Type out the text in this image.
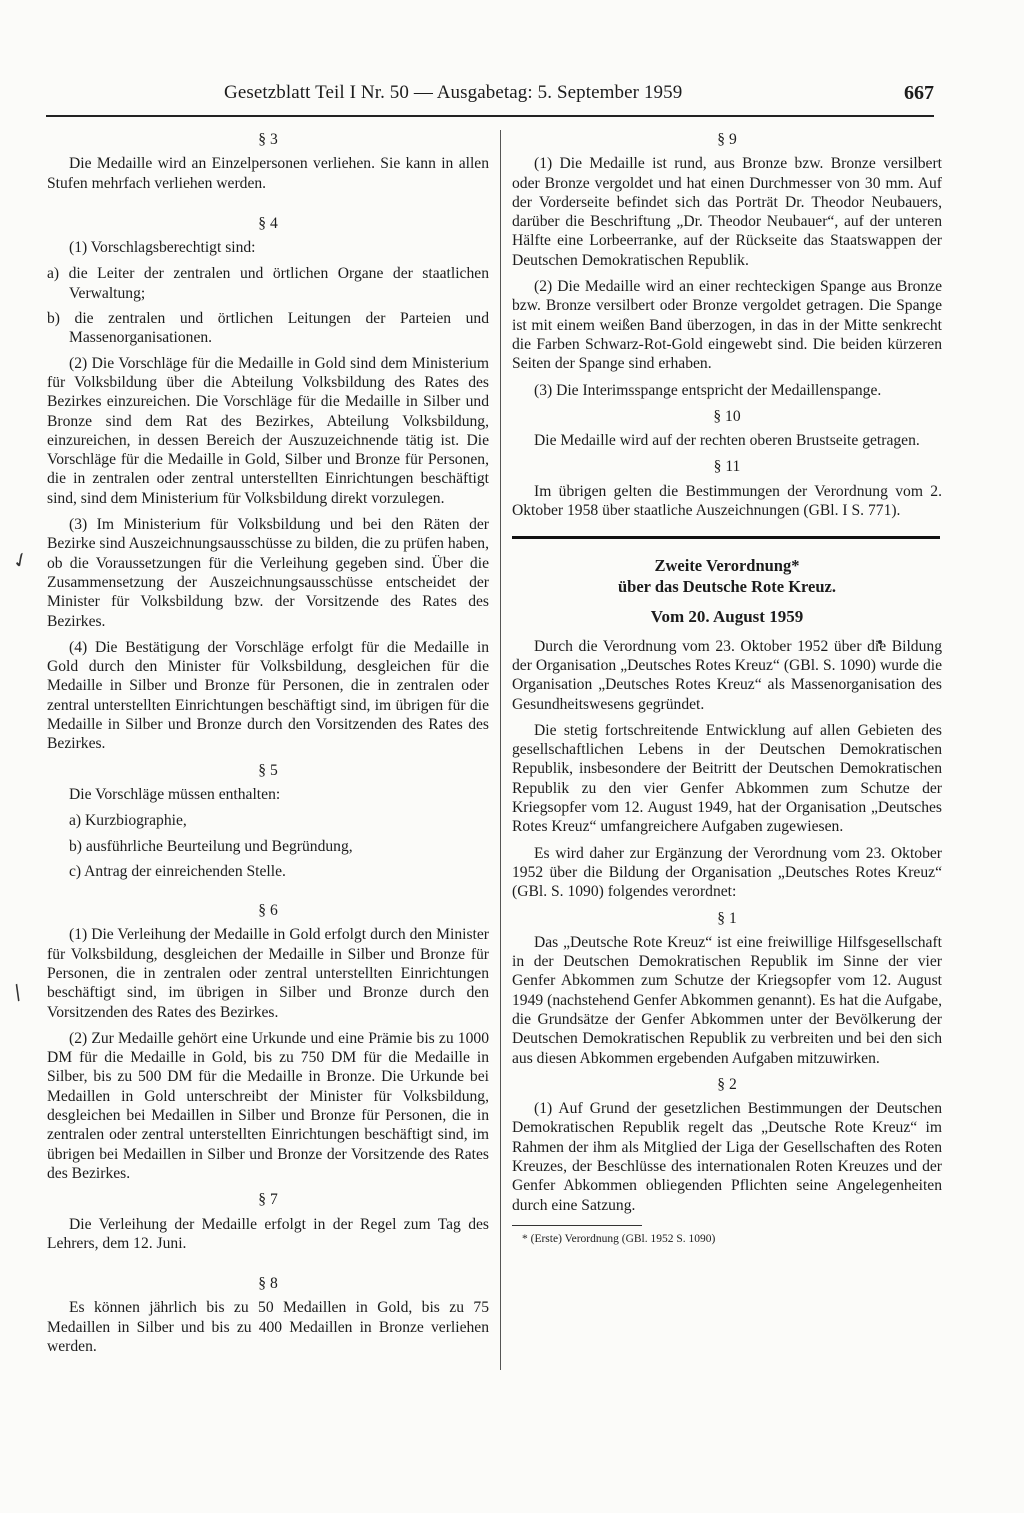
Gesetzblatt Teil I Nr. 50 — Ausgabetag: 5. September 1959	667
✓
/
§ 3

Die Medaille wird an Einzelpersonen verliehen. Sie kann in allen Stufen mehrfach verliehen werden.

§ 4

(1) Vorschlagsberechtigt sind:

a) die Leiter der zentralen und örtlichen Organe der staatlichen Verwaltung;

b) die zentralen und örtlichen Leitungen der Parteien und Massenorganisationen.

(2) Die Vorschläge für die Medaille in Gold sind dem Ministerium für Volksbildung über die Abteilung Volksbildung des Rates des Bezirkes einzureichen. Die Vorschläge für die Medaille in Silber und Bronze sind dem Rat des Bezirkes, Abteilung Volksbildung, einzureichen, in dessen Bereich der Auszuzeichnende tätig ist. Die Vorschläge für die Medaille in Gold, Silber und Bronze für Personen, die in zentralen oder zentral unterstellten Einrichtungen beschäftigt sind, sind dem Ministerium für Volksbildung direkt vorzulegen.

(3) Im Ministerium für Volksbildung und bei den Räten der Bezirke sind Auszeichnungsausschüsse zu bilden, die zu prüfen haben, ob die Voraussetzungen für die Verleihung gegeben sind. Über die Zusammensetzung der Auszeichnungsausschüsse entscheidet der Minister für Volksbildung bzw. der Vorsitzende des Rates des Bezirkes.

(4) Die Bestätigung der Vorschläge erfolgt für die Medaille in Gold durch den Minister für Volksbildung, desgleichen für die Medaille in Silber und Bronze für Personen, die in zentralen oder zentral unterstellten Einrichtungen beschäftigt sind, im übrigen für die Medaille in Silber und Bronze durch den Vorsitzenden des Rates des Bezirkes.

§ 5

Die Vorschläge müssen enthalten:

a) Kurzbiographie,

b) ausführliche Beurteilung und Begründung,

c) Antrag der einreichenden Stelle.

§ 6

(1) Die Verleihung der Medaille in Gold erfolgt durch den Minister für Volksbildung, desgleichen der Medaille in Silber und Bronze für Personen, die in zentralen oder zentral unterstellten Einrichtungen beschäftigt sind, im übrigen in Silber und Bronze durch den Vorsitzenden des Rates des Bezirkes.

(2) Zur Medaille gehört eine Urkunde und eine Prämie bis zu 1000 DM für die Medaille in Gold, bis zu 750 DM für die Medaille in Silber, bis zu 500 DM für die Medaille in Bronze. Die Urkunde bei Medaillen in Gold unterschreibt der Minister für Volksbildung, desgleichen bei Medaillen in Silber und Bronze für Personen, die in zentralen oder zentral unterstellten Einrichtungen beschäftigt sind, im übrigen bei Medaillen in Silber und Bronze der Vorsitzende des Rates des Bezirkes.

§ 7

Die Verleihung der Medaille erfolgt in der Regel zum Tag des Lehrers, dem 12. Juni.

§ 8

Es können jährlich bis zu 50 Medaillen in Gold, bis zu 75 Medaillen in Silber und bis zu 400 Medaillen in Bronze verliehen werden.

§ 9

(1) Die Medaille ist rund, aus Bronze bzw. Bronze versilbert oder Bronze vergoldet und hat einen Durchmesser von 30 mm. Auf der Vorderseite befindet sich das Porträt Dr. Theodor Neubauers, darüber die Beschriftung „Dr. Theodor Neubauer“, auf der unteren Hälfte eine Lorbeerranke, auf der Rückseite das Staatswappen der Deutschen Demokratischen Republik.

(2) Die Medaille wird an einer rechteckigen Spange aus Bronze bzw. Bronze versilbert oder Bronze vergoldet getragen. Die Spange ist mit einem weißen Band überzogen, in das in der Mitte senkrecht die Farben Schwarz-Rot-Gold eingewebt sind. Die beiden kürzeren Seiten der Spange sind erhaben.

(3) Die Interimsspange entspricht der Medaillenspange.

§ 10

Die Medaille wird auf der rechten oberen Brustseite getragen.

§ 11

Im übrigen gelten die Bestimmungen der Verordnung vom 2. Oktober 1958 über staatliche Auszeichnungen (GBl. I S. 771).

Zweite Verordnung*

über das Deutsche Rote Kreuz.

Vom 20. August 1959

Durch die Verordnung vom 23. Oktober 1952 über die Bildung der Organisation „Deutsches Rotes Kreuz“ (GBl. S. 1090) wurde die Organisation „Deutsches Rotes Kreuz“ als Massenorganisation des Gesundheitswesens gegründet.

Die stetig fortschreitende Entwicklung auf allen Gebieten des gesellschaftlichen Lebens in der Deutschen Demokratischen Republik, insbesondere der Beitritt der Deutschen Demokratischen Republik zu den vier Genfer Abkommen zum Schutze der Kriegsopfer vom 12. August 1949, hat der Organisation „Deutsches Rotes Kreuz“ umfangreichere Aufgaben zugewiesen.

Es wird daher zur Ergänzung der Verordnung vom 23. Oktober 1952 über die Bildung der Organisation „Deutsches Rotes Kreuz“ (GBl. S. 1090) folgendes verordnet:

§ 1

Das „Deutsche Rote Kreuz“ ist eine freiwillige Hilfsgesellschaft in der Deutschen Demokratischen Republik im Sinne der vier Genfer Abkommen zum Schutze der Kriegsopfer vom 12. August 1949 (nachstehend Genfer Abkommen genannt). Es hat die Aufgabe, die Grundsätze der Genfer Abkommen unter der Bevölkerung der Deutschen Demokratischen Republik zu verbreiten und bei den sich aus diesen Abkommen ergebenden Aufgaben mitzuwirken.

§ 2

(1) Auf Grund der gesetzlichen Bestimmungen der Deutschen Demokratischen Republik regelt das „Deutsche Rote Kreuz“ im Rahmen der ihm als Mitglied der Liga der Gesellschaften des Roten Kreuzes, der Beschlüsse des internationalen Roten Kreuzes und der Genfer Abkommen obliegenden Pflichten seine Angelegenheiten durch eine Satzung.

* (Erste) Verordnung (GBl. 1952 S. 1090)
